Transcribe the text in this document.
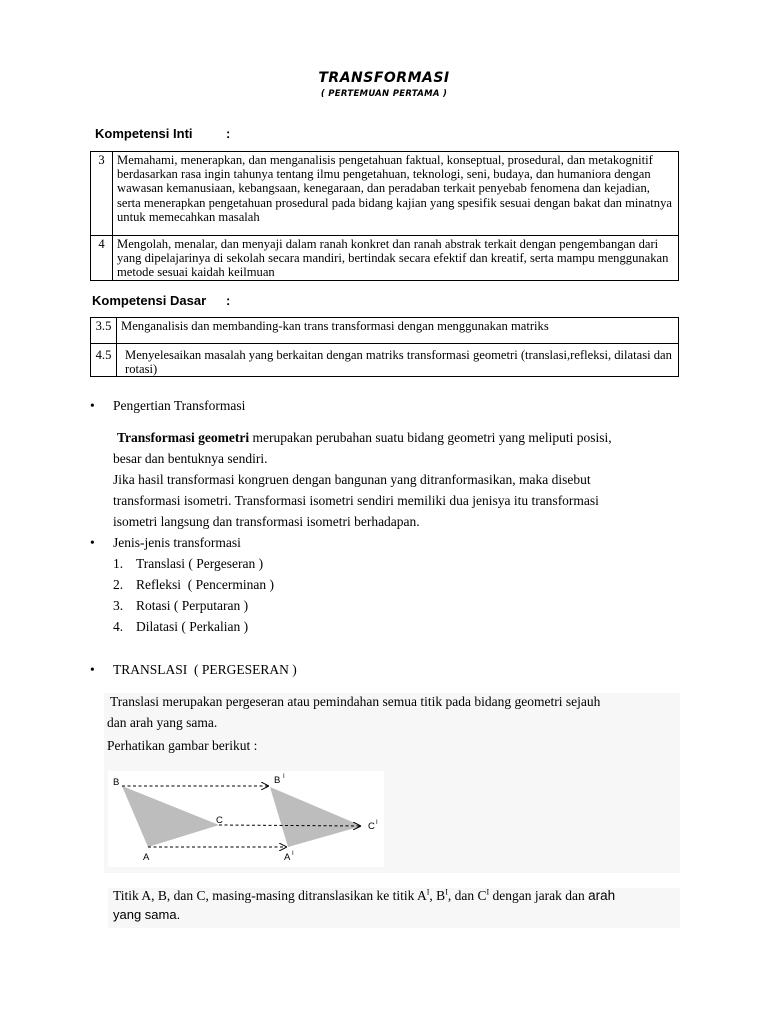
TRANSFORMASI
( PERTEMUAN PERTAMA )
Kompetensi Inti	:
3	Memahami, menerapkan, dan menganalisis pengetahuan faktual, konseptual, prosedural, dan metakognitif berdasarkan rasa ingin tahunya tentang ilmu pengetahuan, teknologi, seni, budaya, dan humaniora dengan wawasan kemanusiaan, kebangsaan, kenegaraan, dan peradaban terkait penyebab fenomena dan kejadian, serta menerapkan pengetahuan prosedural pada bidang kajian yang spesifik sesuai dengan bakat dan minatnya untuk memecahkan masalah
4	Mengolah, menalar, dan menyaji dalam ranah konkret dan ranah abstrak terkait dengan pengembangan dari yang dipelajarinya di sekolah secara mandiri, bertindak secara efektif dan kreatif, serta mampu menggunakan metode sesuai kaidah keilmuan
Kompetensi Dasar :
3.5	Menganalisis dan membanding-kan trans transformasi dengan menggunakan matriks
4.5	Menyelesaikan masalah yang berkaitan dengan matriks transformasi geometri (translasi,refleksi, dilatasi dan rotasi)
• Pengertian Transformasi
Transformasi geometri merupakan perubahan suatu bidang geometri yang meliputi posisi,
besar dan bentuknya sendiri.
Jika hasil transformasi kongruen dengan bangunan yang ditranformasikan, maka disebut
transformasi isometri. Transformasi isometri sendiri memiliki dua jenisya itu transformasi
isometri langsung dan transformasi isometri berhadapan.
• Jenis-jenis transformasi
1. Translasi ( Pergeseran )
2. Refleksi  ( Pencerminan )
3. Rotasi ( Perputaran )
4. Dilatasi ( Perkalian )
• TRANSLASI  ( PERGESERAN )
Translasi merupakan pergeseran atau pemindahan semua titik pada bidang geometri sejauh
dan arah yang sama.
Perhatikan gambar berikut :
B	B I
C
C I
A	A I
Titik A, B, dan C, masing-masing ditranslasikan ke titik $A^I$, $B^I$, dan $C^I$ dengan jarak dan arah
yang sama.
